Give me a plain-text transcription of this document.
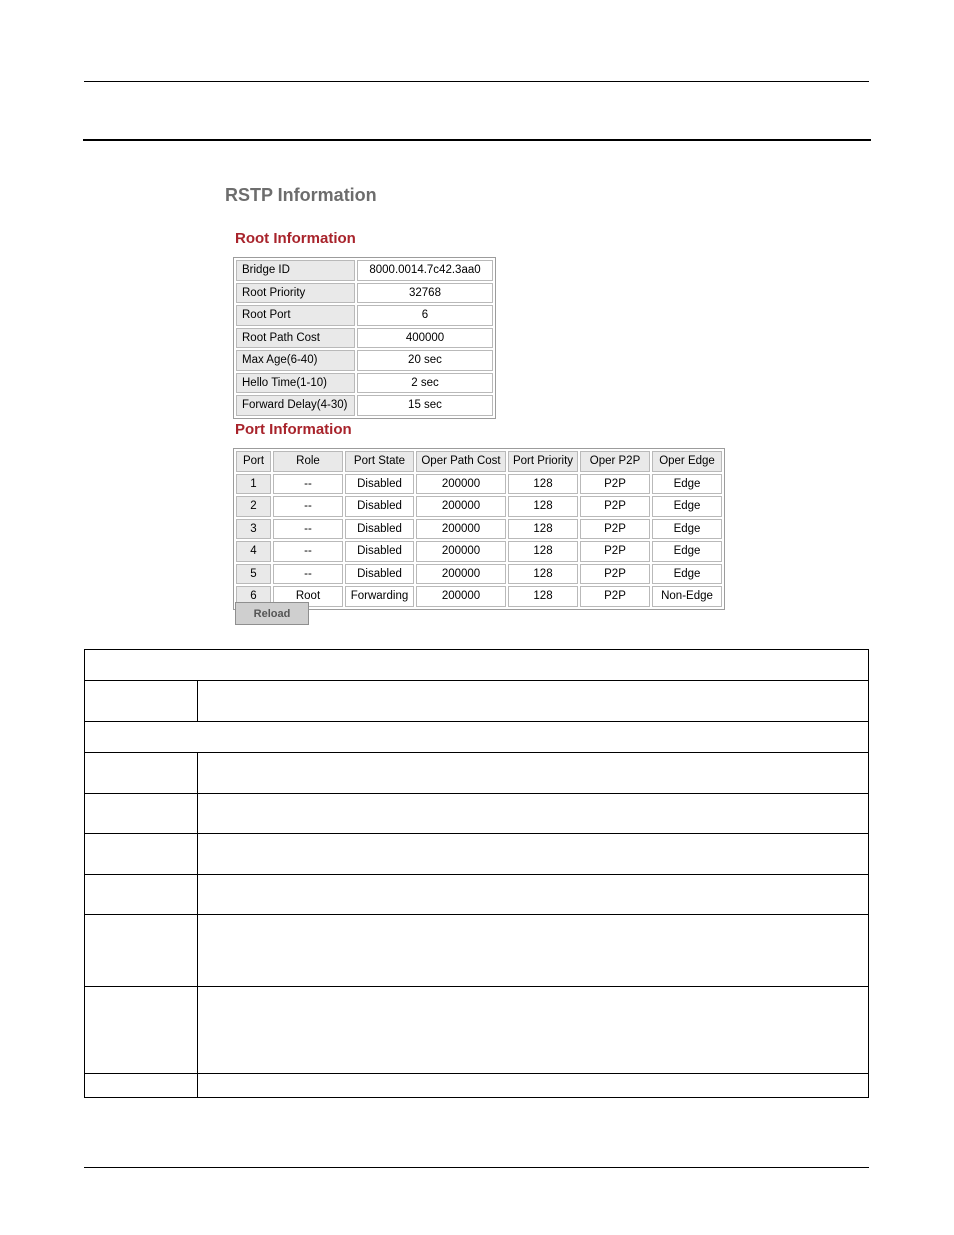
RSTP Information
Root Information
Bridge ID	8000.0014.7c42.3aa0
Root Priority	32768
Root Port	6
Root Path Cost	400000
Max Age(6-40)	20 sec
Hello Time(1-10)	2 sec
Forward Delay(4-30)	15 sec
Port Information
Port	Role	Port State	Oper Path Cost	Port Priority	Oper P2P	Oper Edge
1	--	Disabled	200000	128	P2P	Edge
2	--	Disabled	200000	128	P2P	Edge
3	--	Disabled	200000	128	P2P	Edge
4	--	Disabled	200000	128	P2P	Edge
5	--	Disabled	200000	128	P2P	Edge
6	Root	Forwarding	200000	128	P2P	Non-Edge
Reload
